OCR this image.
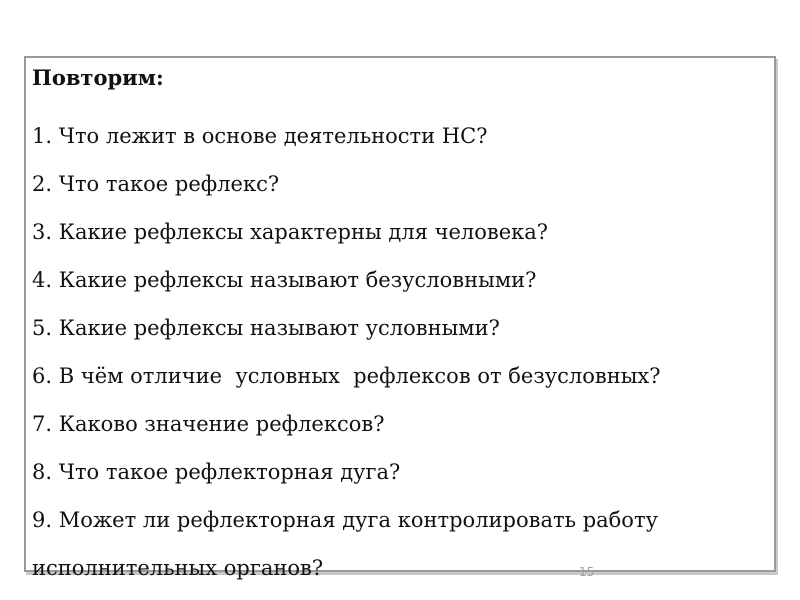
Повторим:
1. Что лежит в основе деятельности НС?
2. Что такое рефлекс?
3. Какие рефлексы характерны для человека?
4. Какие рефлексы называют безусловными?
5. Какие рефлексы называют условными?
6. В чём отличие  условных  рефлексов от безусловных?
7. Каково значение рефлексов?
8. Что такое рефлекторная дуга?
9. Может ли рефлекторная дуга контролировать работу
исполнительных органов?	15
